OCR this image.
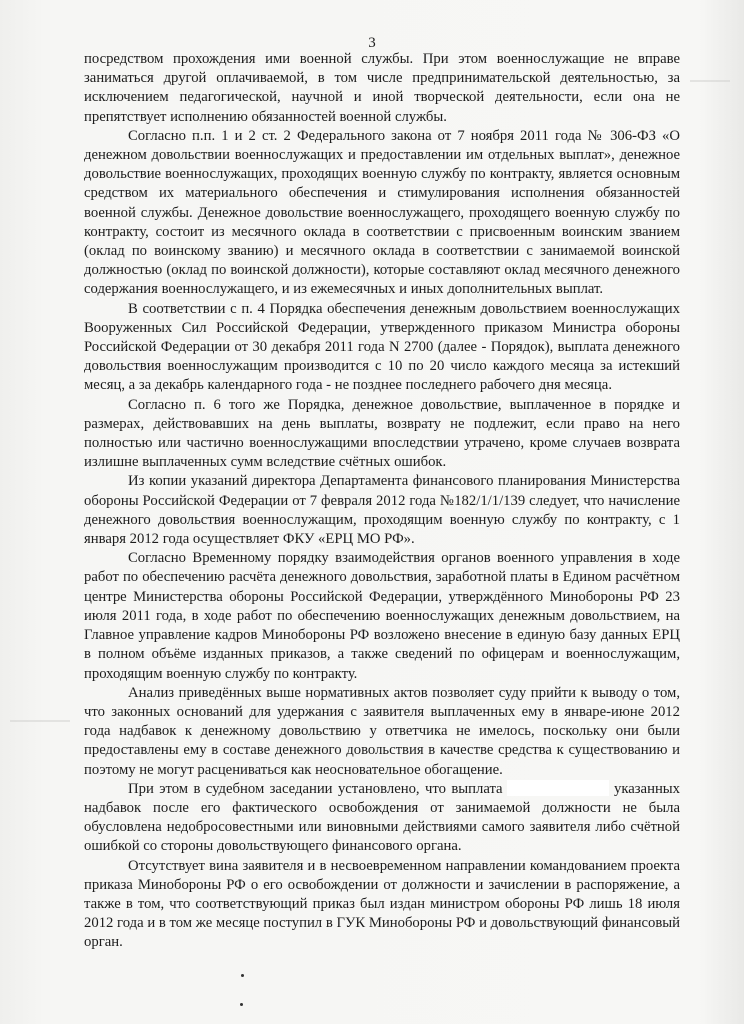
3

посредством прохождения ими военной службы. При этом военнослужащие не вправе заниматься другой оплачиваемой, в том числе предпринимательской деятельностью, за исключением педагогической, научной и иной творческой деятельности, если она не препятствует исполнению обязанностей военной службы.

Согласно п.п. 1 и 2 ст. 2 Федерального закона от 7 ноября 2011 года № 306-ФЗ «О денежном довольствии военнослужащих и предоставлении им отдельных выплат», денежное довольствие военнослужащих, проходящих военную службу по контракту, является основным средством их материального обеспечения и стимулирования исполнения обязанностей военной службы. Денежное довольствие военнослужащего, проходящего военную службу по контракту, состоит из месячного оклада в соответствии с присвоенным воинским званием (оклад по воинскому званию) и месячного оклада в соответствии с занимаемой воинской должностью (оклад по воинской должности), которые составляют оклад месячного денежного содержания военнослужащего, и из ежемесячных и иных дополнительных выплат.

В соответствии с п. 4 Порядка обеспечения денежным довольствием военнослужащих Вооруженных Сил Российской Федерации, утвержденного приказом Министра обороны Российской Федерации от 30 декабря 2011 года N 2700 (далее - Порядок), выплата денежного довольствия военнослужащим производится с 10 по 20 число каждого месяца за истекший месяц, а за декабрь календарного года - не позднее последнего рабочего дня месяца.

Согласно п. 6 того же Порядка, денежное довольствие, выплаченное в порядке и размерах, действовавших на день выплаты, возврату не подлежит, если право на него полностью или частично военнослужащими впоследствии утрачено, кроме случаев возврата излишне выплаченных сумм вследствие счётных ошибок.

Из копии указаний директора Департамента финансового планирования Министерства обороны Российской Федерации от 7 февраля 2012 года №182/1/1/139 следует, что начисление денежного довольствия военнослужащим, проходящим военную службу по контракту, с 1 января 2012 года осуществляет ФКУ «ЕРЦ МО РФ».

Согласно Временному порядку взаимодействия органов военного управления в ходе работ по обеспечению расчёта денежного довольствия, заработной платы в Едином расчётном центре Министерства обороны Российской Федерации, утверждённого Минобороны РФ 23 июля 2011 года, в ходе работ по обеспечению военнослужащих денежным довольствием, на Главное управление кадров Минобороны РФ возложено внесение в единую базу данных ЕРЦ в полном объёме изданных приказов, а также сведений по офицерам и военнослужащим, проходящим военную службу по контракту.

Анализ приведённых выше нормативных актов позволяет суду прийти к выводу о том, что законных оснований для удержания с заявителя выплаченных ему в январе-июне 2012 года надбавок к денежному довольствию у ответчика не имелось, поскольку они были предоставлены ему в составе денежного довольствия в качестве средства к существованию и поэтому не могут расцениваться как неосновательное обогащение.

При этом в судебном заседании установлено, что выплата	указанных надбавок после его фактического освобождения от занимаемой должности не была обусловлена недобросовестными или виновными действиями самого заявителя либо счётной ошибкой со стороны довольствующего финансового органа.

Отсутствует вина заявителя и в несвоевременном направлении командованием проекта приказа Минобороны РФ о его освобождении от должности и зачислении в распоряжение, а также в том, что соответствующий приказ был издан министром обороны РФ лишь 18 июля 2012 года и в том же месяце поступил в ГУК Минобороны РФ и довольствующий финансовый орган.
